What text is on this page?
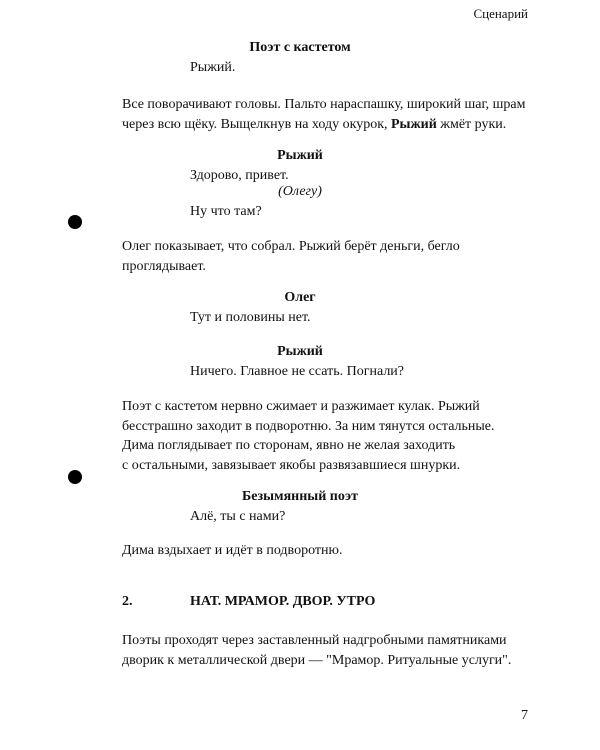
Сценарий
Поэт с кастетом
Рыжий.
Все поворачивают головы. Пальто нараспашку, широкий шаг, шрам
через всю щёку. Выщелкнув на ходу окурок, Рыжий жмёт руки.
Рыжий
Здорово, привет.
(Олегу)
Ну что там?
Олег показывает, что собрал. Рыжий берёт деньги, бегло
проглядывает.
Олег
Тут и половины нет.
Рыжий
Ничего. Главное не ссать. Погнали?
Поэт с кастетом нервно сжимает и разжимает кулак. Рыжий
бесстрашно заходит в подворотню. За ним тянутся остальные.
Дима поглядывает по сторонам, явно не желая заходить
с остальными, завязывает якобы развязавшиеся шнурки.
Безымянный поэт
Алё, ты с нами?
Дима вздыхает и идёт в подворотню.
2.	НАТ. МРАМОР. ДВОР. УТРО
Поэты проходят через заставленный надгробными памятниками
дворик к металлической двери — "Мрамор. Ритуальные услуги".
7
